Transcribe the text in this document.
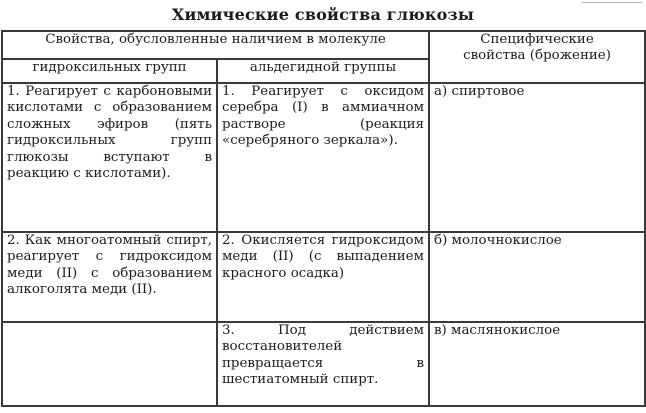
Химические свойства глюкозы
Свойства, обусловленные наличием в молекуле		Специфические
свойства (брожение)
гидроксильных групп	альдегидной группы	
1. Реагирует с карбоновыми кислотами с образованием сложных эфиров (пять гидроксильных групп глюкозы вступают в реакцию с кислотами).	1. Реагирует с оксидом серебра (I) в аммиачном растворе (реакция «серебряного зеркала»).	а) спиртовое
2. Как многоатомный спирт, реагирует с гидроксидом меди (II) с образованием алкоголята меди (II).	2. Окисляется гидроксидом меди (II) (с выпадением красного осадка)	б) молочнокислое
	3. Под действием восстановителей превращается в шестиатомный спирт.	в) маслянокислое
